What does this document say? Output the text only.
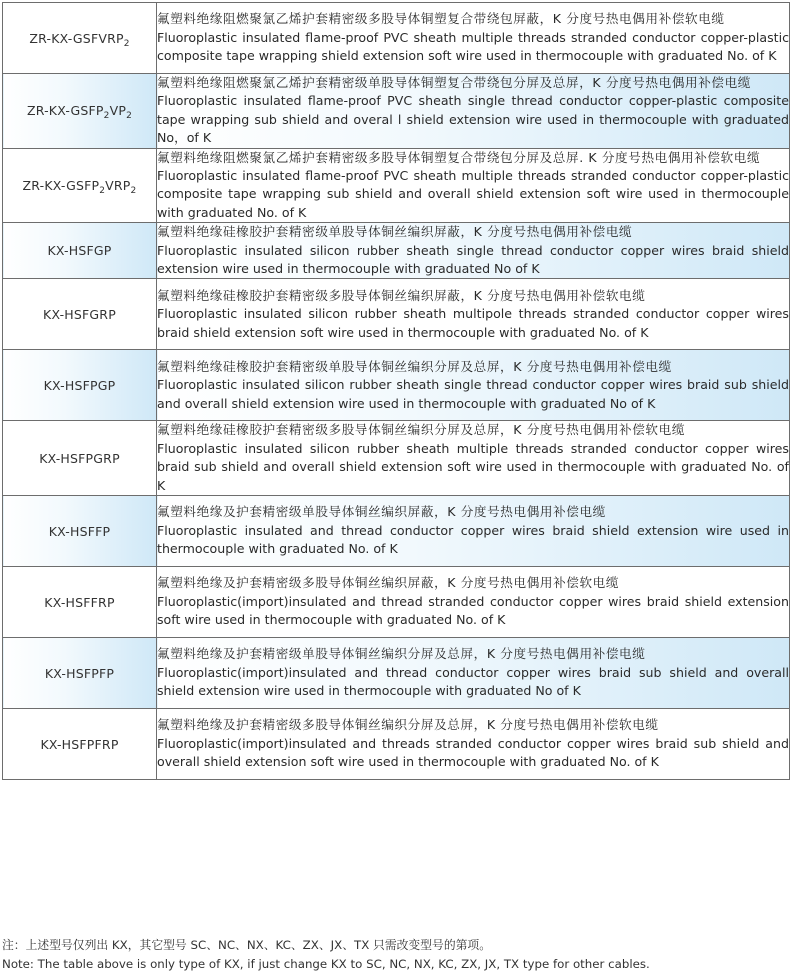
$ZR-KX-GSFVRP_2$	氟塑料绝缘阻燃聚氯乙烯护套精密级多股导体铜塑复合带绕包屏蔽，K 分度号热电偶用补偿软电缆
Fluoroplastic insulated flame-proof PVC sheath multiple threads stranded conductor copper-plastic composite tape wrapping shield extension soft wire used in thermocouple with graduated No. of K

$ZR-KX-GSFP_2VP_2$	氟塑料绝缘阻燃聚氯乙烯护套精密级单股导体铜塑复合带绕包分屏及总屏，K 分度号热电偶用补偿电缆
Fluoroplastic insulated flame-proof PVC sheath single thread conductor copper-plastic composite tape wrapping sub shield and overal l shield extension wire used in thermocouple with graduated No，of K

$ZR-KX-GSFP_2VRP_2$	氟塑料绝缘阻燃聚氯乙烯护套精密级多股导体铜塑复合带绕包分屏及总屏. K 分度号热电偶用补偿软电缆
Fluoroplastic insulated flame-proof PVC sheath multiple threads stranded conductor copper-plastic composite tape wrapping sub shield and overall shield extension soft wire used in thermocouple with graduated No. of K

KX-HSFGP	氟塑料绝缘硅橡胶护套精密级单股导体铜丝编织屏蔽，K 分度号热电偶用补偿电缆
Fluoroplastic insulated silicon rubber sheath single thread conductor copper wires braid shield extension wire used in thermocouple with graduated No of K

KX-HSFGRP	氟塑料绝缘硅橡胶护套精密级多股导体铜丝编织屏蔽，K 分度号热电偶用补偿软电缆
Fluoroplastic insulated silicon rubber sheath multipole threads stranded conductor copper wires braid shield extension soft wire used in thermocouple with graduated No. of K

KX-HSFPGP	氟塑料绝缘硅橡胶护套精密级单股导体铜丝编织分屏及总屏，K 分度号热电偶用补偿电缆
Fluoroplastic insulated silicon rubber sheath single thread conductor copper wires braid sub shield and overall shield extension wire used in thermocouple with graduated No of K

KX-HSFPGRP	氟塑料绝缘硅橡胶护套精密级多股导体铜丝编织分屏及总屏，K 分度号热电偶用补偿软电缆
Fluoroplastic insulated silicon rubber sheath multiple threads stranded conductor copper wires braid sub shield and overall shield extension soft wire used in thermocouple with graduated No. of K

KX-HSFFP	氟塑料绝缘及护套精密级单股导体铜丝编织屏蔽，K 分度号热电偶用补偿电缆
Fluoroplastic insulated and thread conductor copper wires braid shield extension wire used in thermocouple with graduated No. of K

KX-HSFFRP	氟塑料绝缘及护套精密级多股导体铜丝编织屏蔽，K 分度号热电偶用补偿软电缆
Fluoroplastic(import)insulated and thread stranded conductor copper wires braid shield extension soft wire used in thermocouple with graduated No. of K

KX-HSFPFP	氟塑料绝缘及护套精密级单股导体铜丝编织分屏及总屏，K 分度号热电偶用补偿电缆
Fluoroplastic(import)insulated and thread conductor copper wires braid sub shield and overall shield extension wire used in thermocouple with graduated No of K

KX-HSFPFRP	氟塑料绝缘及护套精密级多股导体铜丝编织分屏及总屏，K 分度号热电偶用补偿软电缆
Fluoroplastic(import)insulated and threads stranded conductor copper wires braid sub shield and overall shield extension soft wire used in thermocouple with graduated No. of K
注：上述型号仅列出 KX，其它型号 SC、NC、NX、KC、ZX、JX、TX 只需改变型号的第项。
Note: The table above is only type of KX, if just change KX to SC, NC, NX, KC, ZX, JX, TX type for other cables.
